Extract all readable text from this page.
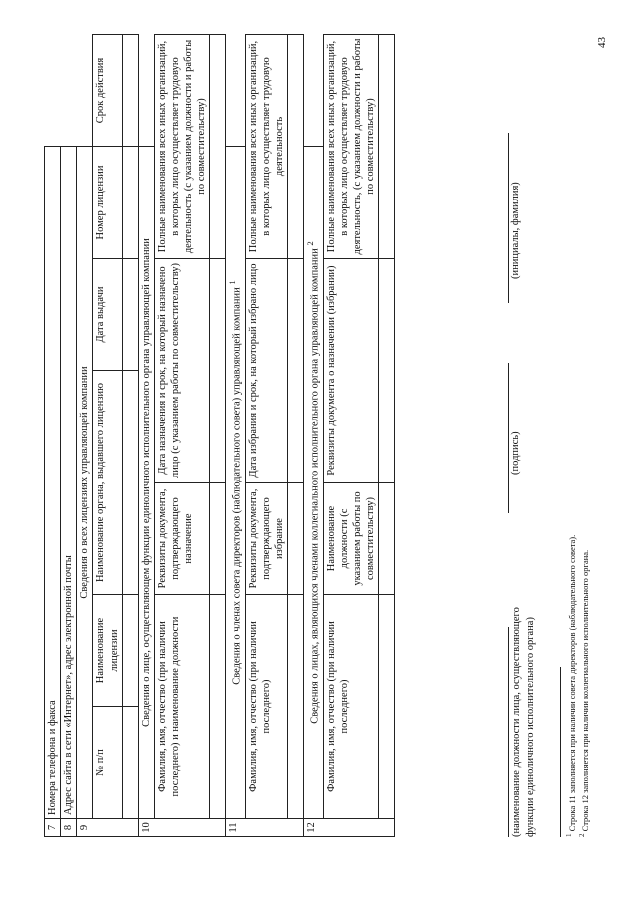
7	Номера телефона и факса						
8	Адрес сайта в сети «Интернет», адрес электронной почты						
9	Сведения о всех лицензиях управляющей компании						
	№ п/п	Наименование лицензии	Наименование органа, выдавшего лицензию		Дата выдачи	Номер лицензии	Срок действия

10	Сведения о лице, осуществляющем функции единоличного исполнительного органа управляющей компании						
	Фамилия, имя, отчество (при наличии последнего) и наименование должности		Реквизиты документа, подтверждающего назначение	Дата назначения и срок, на который назначено лицо (с указанием работы по совместительству)		Полные наименования всех иных организаций, в которых лицо осуществляет трудовую деятельность (с указанием должности и работы по совместительству)	

11	Сведения о членах совета директоров (наблюдательного совета) управляющей компании $^1$
	Фамилия, имя, отчество (при наличии последнего)		Реквизиты документа, подтверждающего избрание	Дата избрания и срок, на который избрано лицо		Полные наименования всех иных организаций, в которых лицо осуществляет трудовую деятельность	

12	Сведения о лицах, являющихся членами коллегиального исполнительного органа управляющей компании $^2$
	Фамилия, имя, отчество (при наличии последнего)		Наименование должности (с указанием работы по совместительству)	Реквизиты документа о назначении (избрании)		Полные наименования всех иных организаций, в которых лицо осуществляет трудовую деятельность, (с указанием должности и работы по совместительству)	

(наименование должности лица, осуществляющего функции единоличного исполнительного органа)
(подпись)
(инициалы, фамилия)
$^1$ Строка 11 заполняется при наличии совета директоров (наблюдательного совета).
$^2$ Строка 12 заполняется при наличии коллегиального исполнительного органа.
43
